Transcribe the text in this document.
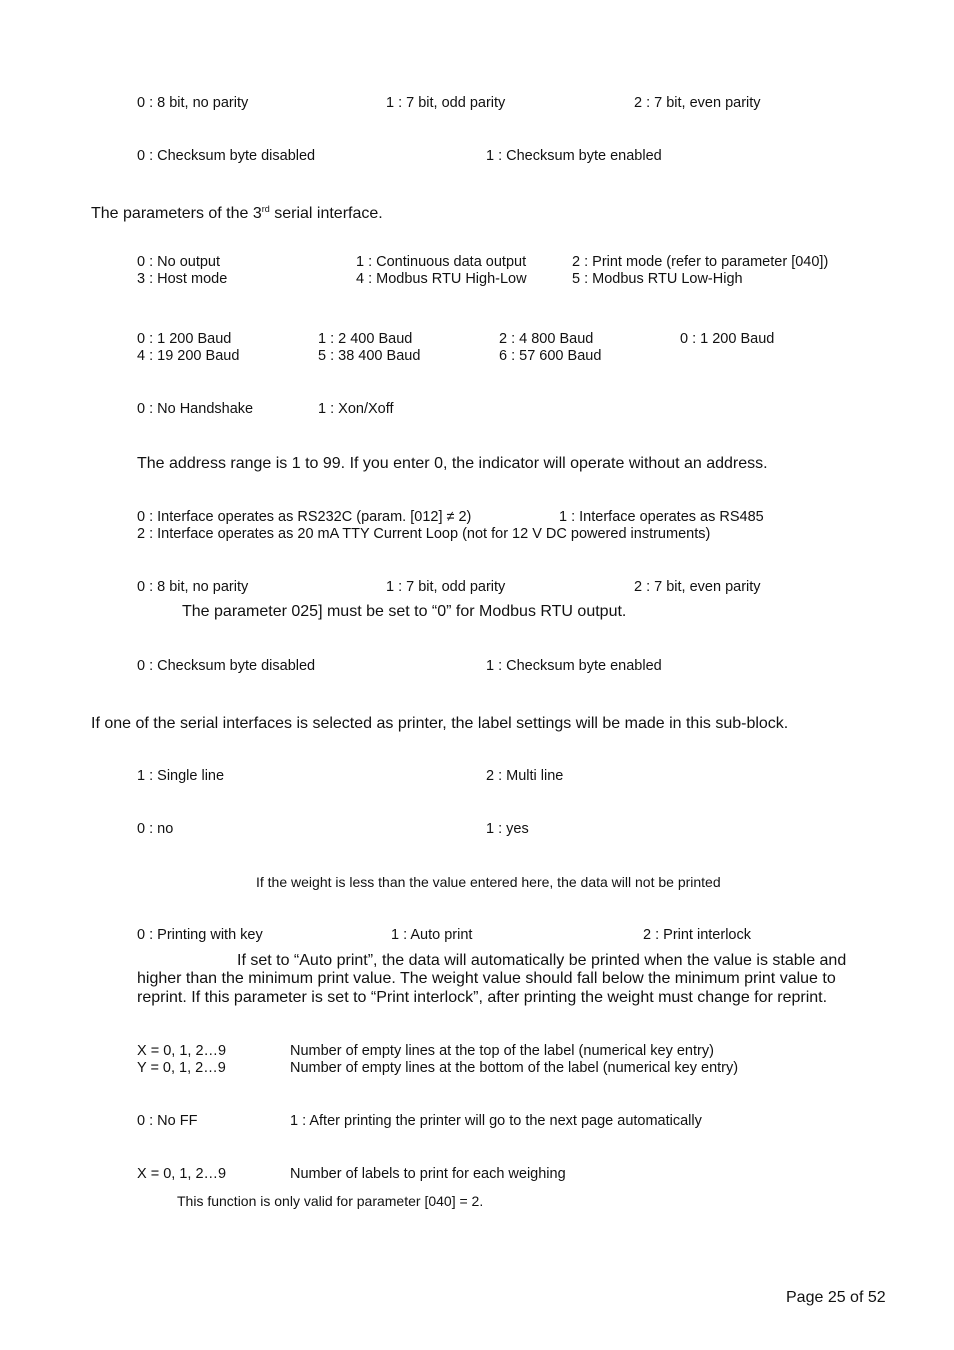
0 : 8 bit, no parity	1 : 7 bit, odd parity	2 : 7 bit, even parity
0 : Checksum byte disabled	1 : Checksum byte enabled
The parameters of the 3rd serial interface.
0 : No output	1 : Continuous data output	2 : Print mode (refer to parameter [040])
3 : Host mode	4 : Modbus RTU High-Low	5 : Modbus RTU Low-High
0 : 1 200 Baud	1 : 2 400 Baud	2 : 4 800 Baud	0 : 1 200 Baud
4 : 19 200 Baud	5 : 38 400 Baud	6 : 57 600 Baud
0 : No Handshake	1 : Xon/Xoff
The address range is 1 to 99. If you enter 0, the indicator will operate without an address.
0 : Interface operates as RS232C (param. [012] ≠ 2)	1 : Interface operates as RS485
2 : Interface operates as 20 mA TTY Current Loop (not for 12 V DC powered instruments)
0 : 8 bit, no parity	1 : 7 bit, odd parity	2 : 7 bit, even parity
The parameter 025] must be set to “0” for Modbus RTU output.
0 : Checksum byte disabled	1 : Checksum byte enabled
If one of the serial interfaces is selected as printer, the label settings will be made in this sub-block.
1 : Single line	2 : Multi line
0 : no	1 : yes
If the weight is less than the value entered here, the data will not be printed
0 : Printing with key	1 : Auto print	2 : Print interlock
If set to “Auto print”, the data will automatically be printed when the value is stable and
higher than the minimum print value. The weight value should fall below the minimum print value to
reprint. If this parameter is set to “Print interlock”, after printing the weight must change for reprint.
X = 0, 1, 2…9	Number of empty lines at the top of the label (numerical key entry)
Y = 0, 1, 2…9	Number of empty lines at the bottom of the label (numerical key entry)
0 : No FF	1 : After printing the printer will go to the next page automatically
X = 0, 1, 2…9	Number of labels to print for each weighing
This function is only valid for parameter [040] = 2.
Page 25 of 52
